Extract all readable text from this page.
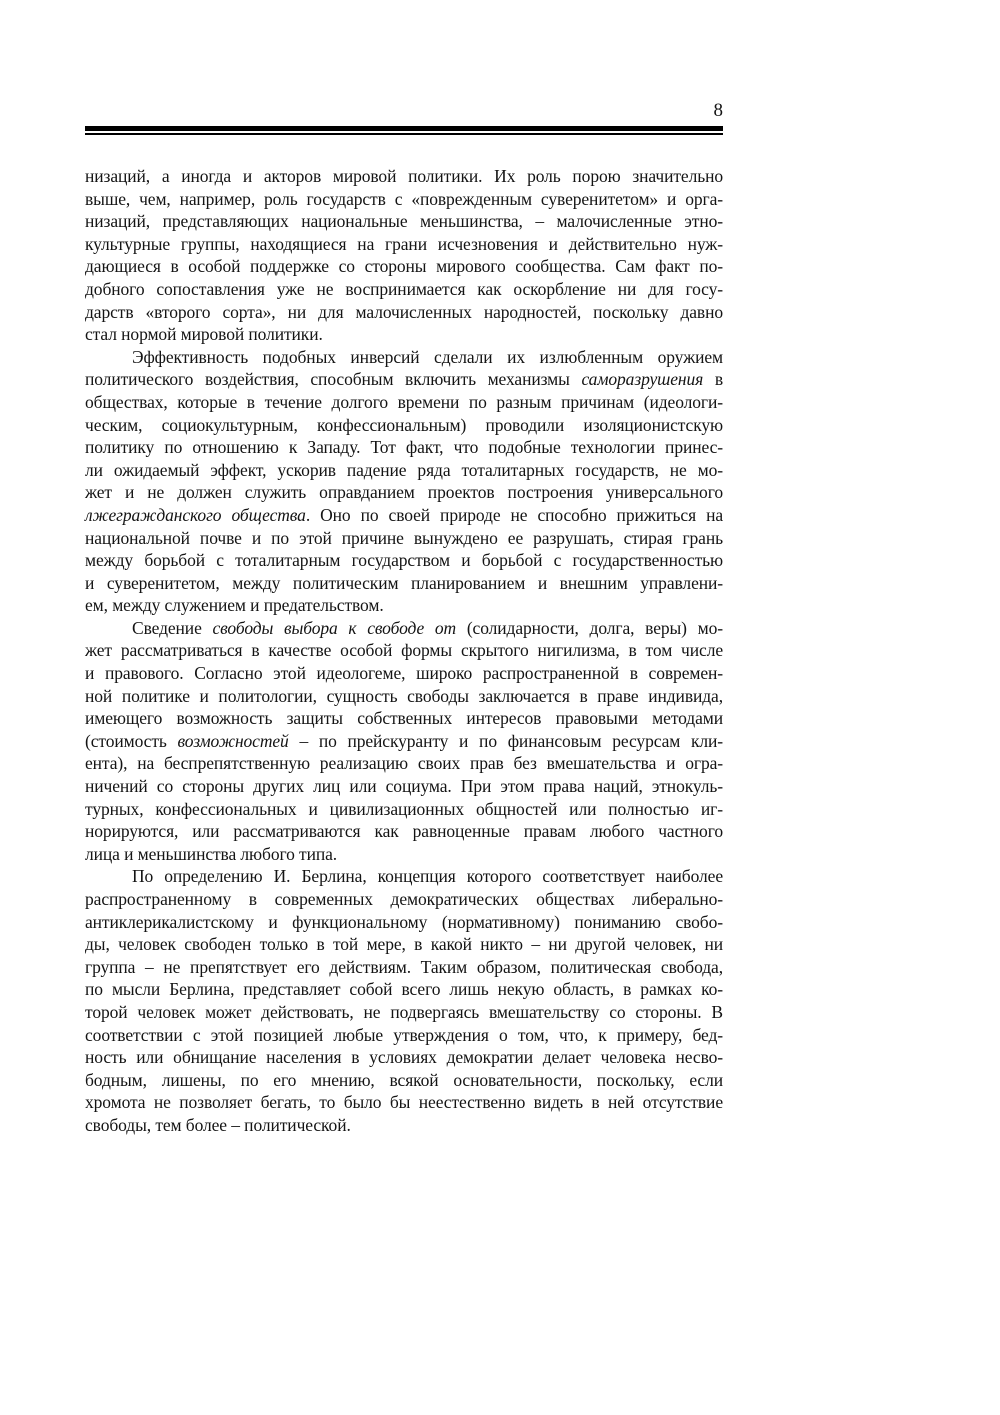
8
низаций, а иногда и акторов мировой политики. Их роль порою значительно
выше, чем, например, роль государств с «поврежденным суверенитетом» и орга-
низаций, представляющих национальные меньшинства, – малочисленные этно-
культурные группы, находящиеся на грани исчезновения и действительно нуж-
дающиеся в особой поддержке со стороны мирового сообщества. Сам факт по-
добного сопоставления уже не воспринимается как оскорбление ни для госу-
дарств «второго сорта», ни для малочисленных народностей, поскольку давно
стал нормой мировой политики.
Эффективность подобных инверсий сделали их излюбленным оружием
политического воздействия, способным включить механизмы саморазрушения в
обществах, которые в течение долгого времени по разным причинам (идеологи-
ческим, социокультурным, конфессиональным) проводили изоляционистскую
политику по отношению к Западу. Тот факт, что подобные технологии принес-
ли ожидаемый эффект, ускорив падение ряда тоталитарных государств, не мо-
жет и не должен служить оправданием проектов построения универсального
лжегражданского общества. Оно по своей природе не способно прижиться на
национальной почве и по этой причине вынуждено ее разрушать, стирая грань
между борьбой с тоталитарным государством и борьбой с государственностью
и суверенитетом, между политическим планированием и внешним управлени-
ем, между служением и предательством.
Сведение свободы выбора к свободе от (солидарности, долга, веры) мо-
жет рассматриваться в качестве особой формы скрытого нигилизма, в том числе
и правового. Согласно этой идеологеме, широко распространенной в современ-
ной политике и политологии, сущность свободы заключается в праве индивида,
имеющего возможность защиты собственных интересов правовыми методами
(стоимость возможностей – по прейскуранту и по финансовым ресурсам кли-
ента), на беспрепятственную реализацию своих прав без вмешательства и огра-
ничений со стороны других лиц или социума. При этом права наций, этнокуль-
турных, конфессиональных и цивилизационных общностей или полностью иг-
норируются, или рассматриваются как равноценные правам любого частного
лица и меньшинства любого типа.
По определению И. Берлина, концепция которого соответствует наиболее
распространенному в современных демократических обществах либерально-
антиклерикалистскому и функциональному (нормативному) пониманию свобо-
ды, человек свободен только в той мере, в какой никто – ни другой человек, ни
группа – не препятствует его действиям. Таким образом, политическая свобода,
по мысли Берлина, представляет собой всего лишь некую область, в рамках ко-
торой человек может действовать, не подвергаясь вмешательству со стороны. В
соответствии с этой позицией любые утверждения о том, что, к примеру, бед-
ность или обнищание населения в условиях демократии делает человека несво-
бодным, лишены, по его мнению, всякой основательности, поскольку, если
хромота не позволяет бегать, то было бы неестественно видеть в ней отсутствие
свободы, тем более – политической.
